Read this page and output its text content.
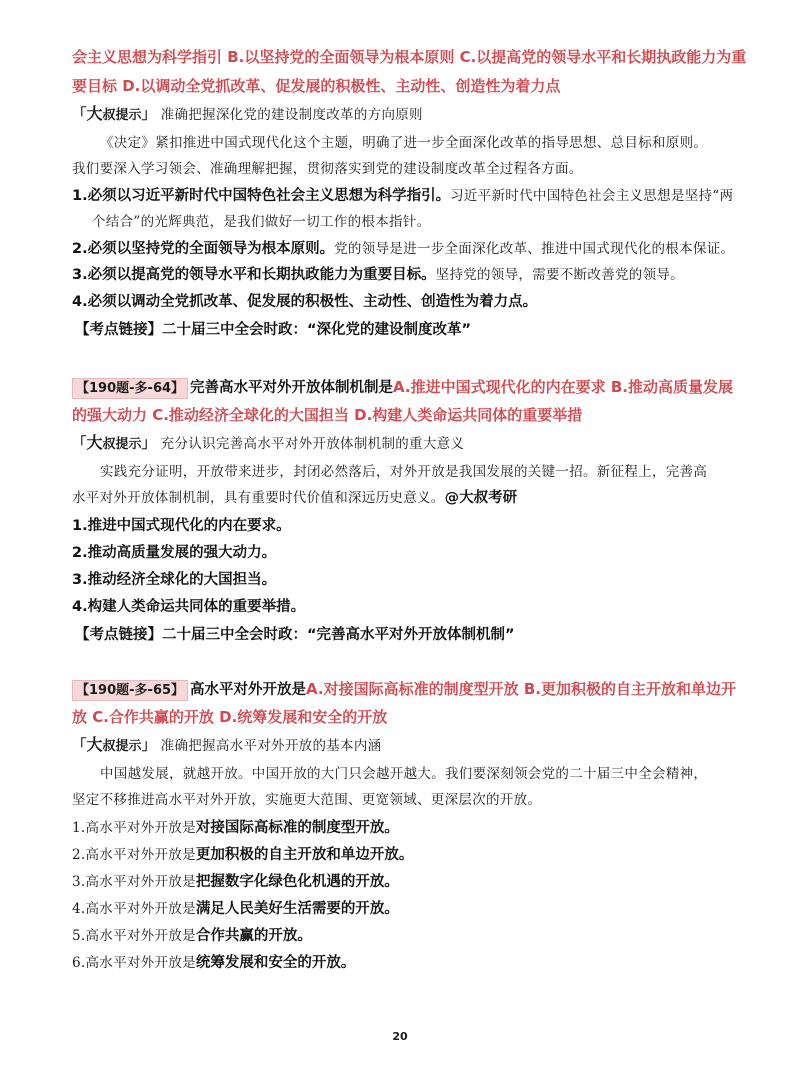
会主义思想为科学指引 B.以坚持党的全面领导为根本原则 C.以提高党的领导水平和长期执政能力为重
要目标 D.以调动全党抓改革、促发展的积极性、主动性、创造性为着力点
「大叔提示」 准确把握深化党的建设制度改革的方向原则
《决定》紧扣推进中国式现代化这个主题，明确了进一步全面深化改革的指导思想、总目标和原则。
我们要深入学习领会、准确理解把握，贯彻落实到党的建设制度改革全过程各方面。
1.必须以习近平新时代中国特色社会主义思想为科学指引。习近平新时代中国特色社会主义思想是坚持“两
个结合”的光辉典范，是我们做好一切工作的根本指针。
2.必须以坚持党的全面领导为根本原则。党的领导是进一步全面深化改革、推进中国式现代化的根本保证。
3.必须以提高党的领导水平和长期执政能力为重要目标。坚持党的领导，需要不断改善党的领导。
4.必须以调动全党抓改革、促发展的积极性、主动性、创造性为着力点。
【考点链接】二十届三中全会时政：“深化党的建设制度改革”
【190题-多-64】 完善高水平对外开放体制机制是A.推进中国式现代化的内在要求 B.推动高质量发展
的强大动力 C.推动经济全球化的大国担当 D.构建人类命运共同体的重要举措
「大叔提示」 充分认识完善高水平对外开放体制机制的重大意义
实践充分证明，开放带来进步，封闭必然落后，对外开放是我国发展的关键一招。新征程上，完善高
水平对外开放体制机制，具有重要时代价值和深远历史意义。@大叔考研
1.推进中国式现代化的内在要求。
2.推动高质量发展的强大动力。
3.推动经济全球化的大国担当。
4.构建人类命运共同体的重要举措。
【考点链接】二十届三中全会时政：“完善高水平对外开放体制机制”
【190题-多-65】 高水平对外开放是A.对接国际高标准的制度型开放 B.更加积极的自主开放和单边开
放 C.合作共赢的开放 D.统筹发展和安全的开放
「大叔提示」 准确把握高水平对外开放的基本内涵
中国越发展，就越开放。中国开放的大门只会越开越大。我们要深刻领会党的二十届三中全会精神，
坚定不移推进高水平对外开放，实施更大范围、更宽领域、更深层次的开放。
1.高水平对外开放是对接国际高标准的制度型开放。
2.高水平对外开放是更加积极的自主开放和单边开放。
3.高水平对外开放是把握数字化绿色化机遇的开放。
4.高水平对外开放是满足人民美好生活需要的开放。
5.高水平对外开放是合作共赢的开放。
6.高水平对外开放是统筹发展和安全的开放。
20
